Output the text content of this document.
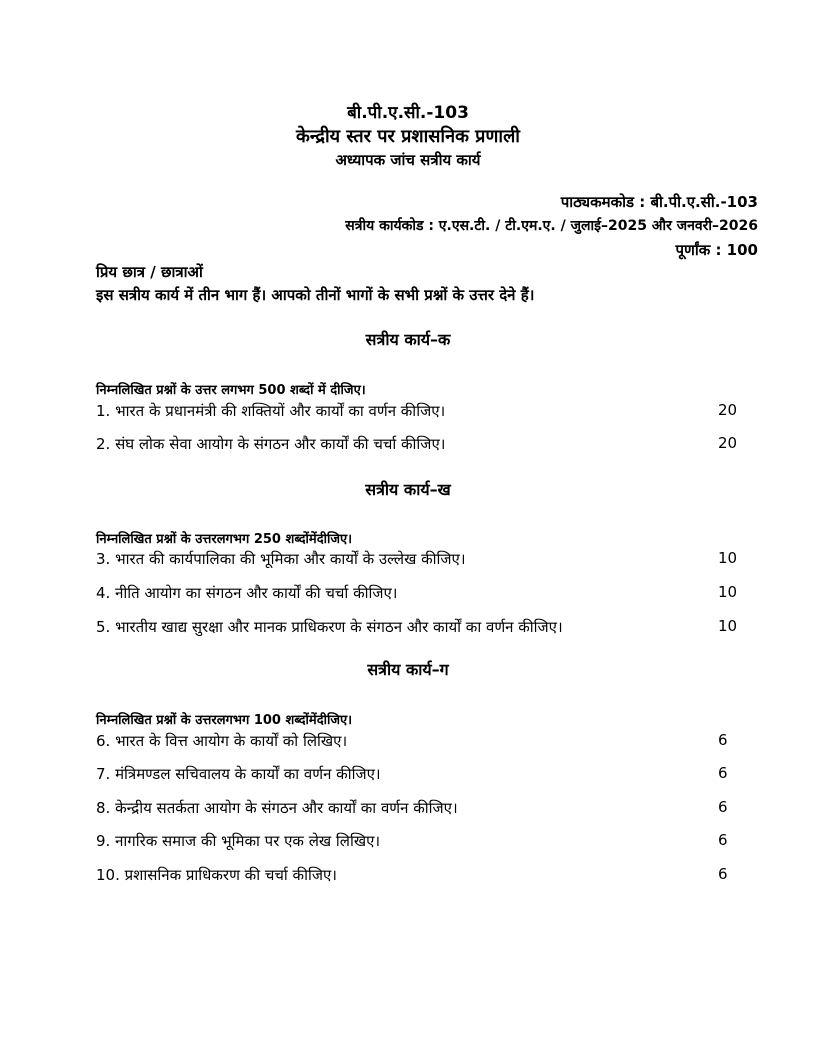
बी.पी.ए.सी.-103
केन्द्रीय स्तर पर प्रशासनिक प्रणाली
अध्यापक जांच सत्रीय कार्य
पाठ्यकमकोड : बी.पी.ए.सी.-103
सत्रीय कार्यकोड : ए.एस.टी. / टी.एम.ए. / जुलाई–2025 और जनवरी–2026
पूर्णांक : 100
प्रिय छात्र / छात्राओं
इस सत्रीय कार्य में तीन भाग हैं। आपको तीनों भागों के सभी प्रश्नों के उत्तर देने हैं।
सत्रीय कार्य–क
निम्नलिखित प्रश्नों के उत्तर लगभग 500 शब्दों में दीजिए।
1. भारत के प्रधानमंत्री की शक्तियों और कार्यों का वर्णन कीजिए।	20
2. संघ लोक सेवा आयोग के संगठन और कार्यों की चर्चा कीजिए।	20
सत्रीय कार्य–ख
निम्नलिखित प्रश्नों के उत्तरलगभग 250 शब्दोंमेंदीजिए।
3. भारत की कार्यपालिका की भूमिका और कार्यों के उल्लेख कीजिए।	10
4. नीति आयोग का संगठन और कार्यों की चर्चा कीजिए।	10
5. भारतीय खाद्य सुरक्षा और मानक प्राधिकरण के संगठन और कार्यों का वर्णन कीजिए।	10
सत्रीय कार्य–ग
निम्नलिखित प्रश्नों के उत्तरलगभग 100 शब्दोंमेंदीजिए।
6. भारत के वित्त आयोग के कार्यों को लिखिए।	6
7. मंत्रिमण्डल सचिवालय के कार्यों का वर्णन कीजिए।	6
8. केन्द्रीय सतर्कता आयोग के संगठन और कार्यों का वर्णन कीजिए।	6
9. नागरिक समाज की भूमिका पर एक लेख लिखिए।	6
10. प्रशासनिक प्राधिकरण की चर्चा कीजिए।	6
